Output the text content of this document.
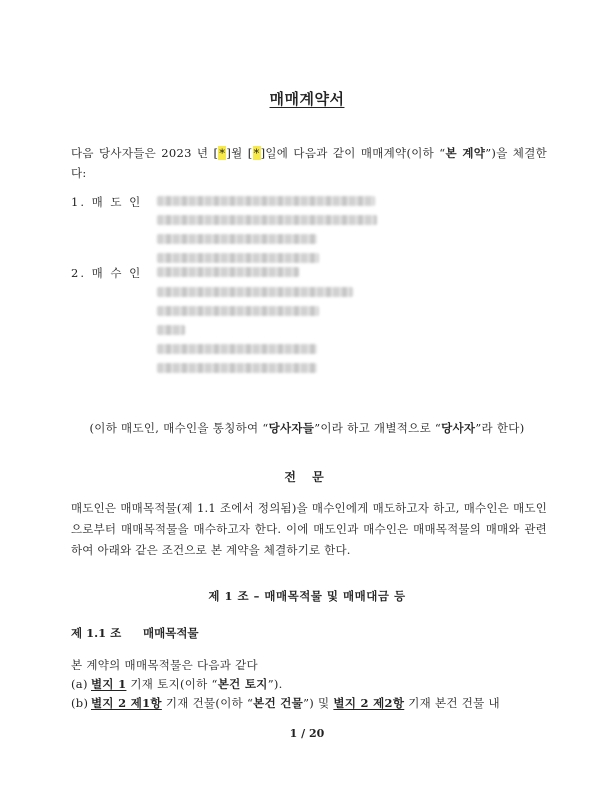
매매계약서
다음 당사자들은 2023 년 [*]월 [*]일에 다음과 같이 매매계약(이하 “본 계약”)을 체결한다:
1. 매 도 인
2. 매 수 인
(이하 매도인, 매수인을 통칭하여 “당사자들”이라 하고 개별적으로 “당사자”라 한다)
전 문
매도인은 매매목적물(제 1.1 조에서 정의됨)을 매수인에게 매도하고자 하고, 매수인은 매도인으로부터 매매목적물을 매수하고자 한다. 이에 매도인과 매수인은 매매목적물의 매매와 관련하여 아래와 같은 조건으로 본 계약을 체결하기로 한다.
제 1 조 – 매매목적물 및 매매대금 등
제 1.1 조 매매목적물
본 계약의 매매목적물은 다음과 같다
(a) 별지 1 기재 토지(이하 “본건 토지”).
(b) 별지 2 제1항 기재 건물(이하 “본건 건물”) 및 별지 2 제2항 기재 본건 건물 내
1 / 20
